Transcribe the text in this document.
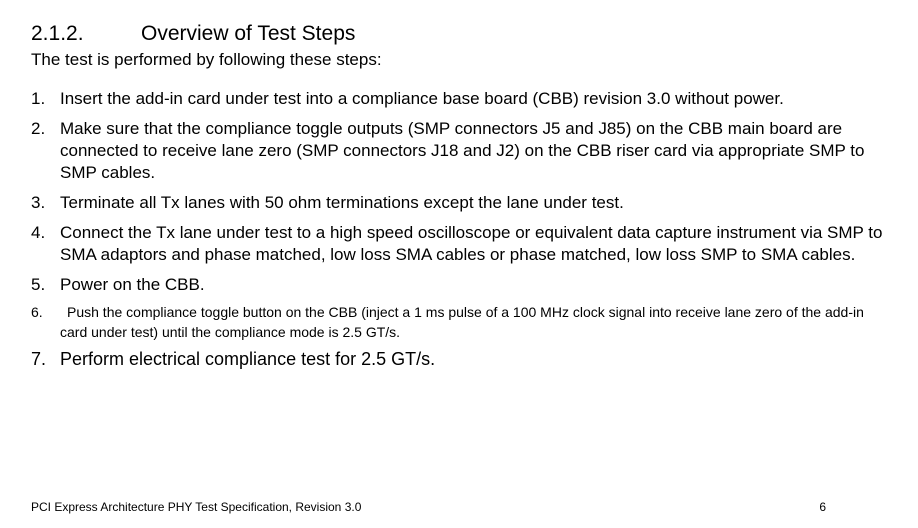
2.1.2.	Overview of Test Steps
The test is performed by following these steps:
1. Insert the add-in card under test into a compliance base board (CBB) revision 3.0 without power.
2. Make sure that the compliance toggle outputs (SMP connectors J5 and J85) on the CBB main board are connected to receive lane zero (SMP connectors J18 and J2) on the CBB riser card via appropriate SMP to SMP cables.
3. Terminate all Tx lanes with 50 ohm terminations except the lane under test.
4. Connect the Tx lane under test to a high speed oscilloscope or equivalent data capture instrument via SMP to SMA adaptors and phase matched, low loss SMA cables or phase matched, low loss SMP to SMA cables.
5. Power on the CBB.
6.	Push the compliance toggle button on the CBB (inject a 1 ms pulse of a 100 MHz clock signal into receive lane zero of the add-in card under test) until the compliance mode is 2.5 GT/s.
7. Perform electrical compliance test for 2.5 GT/s.
PCI Express Architecture PHY Test Specification, Revision 3.0	6
